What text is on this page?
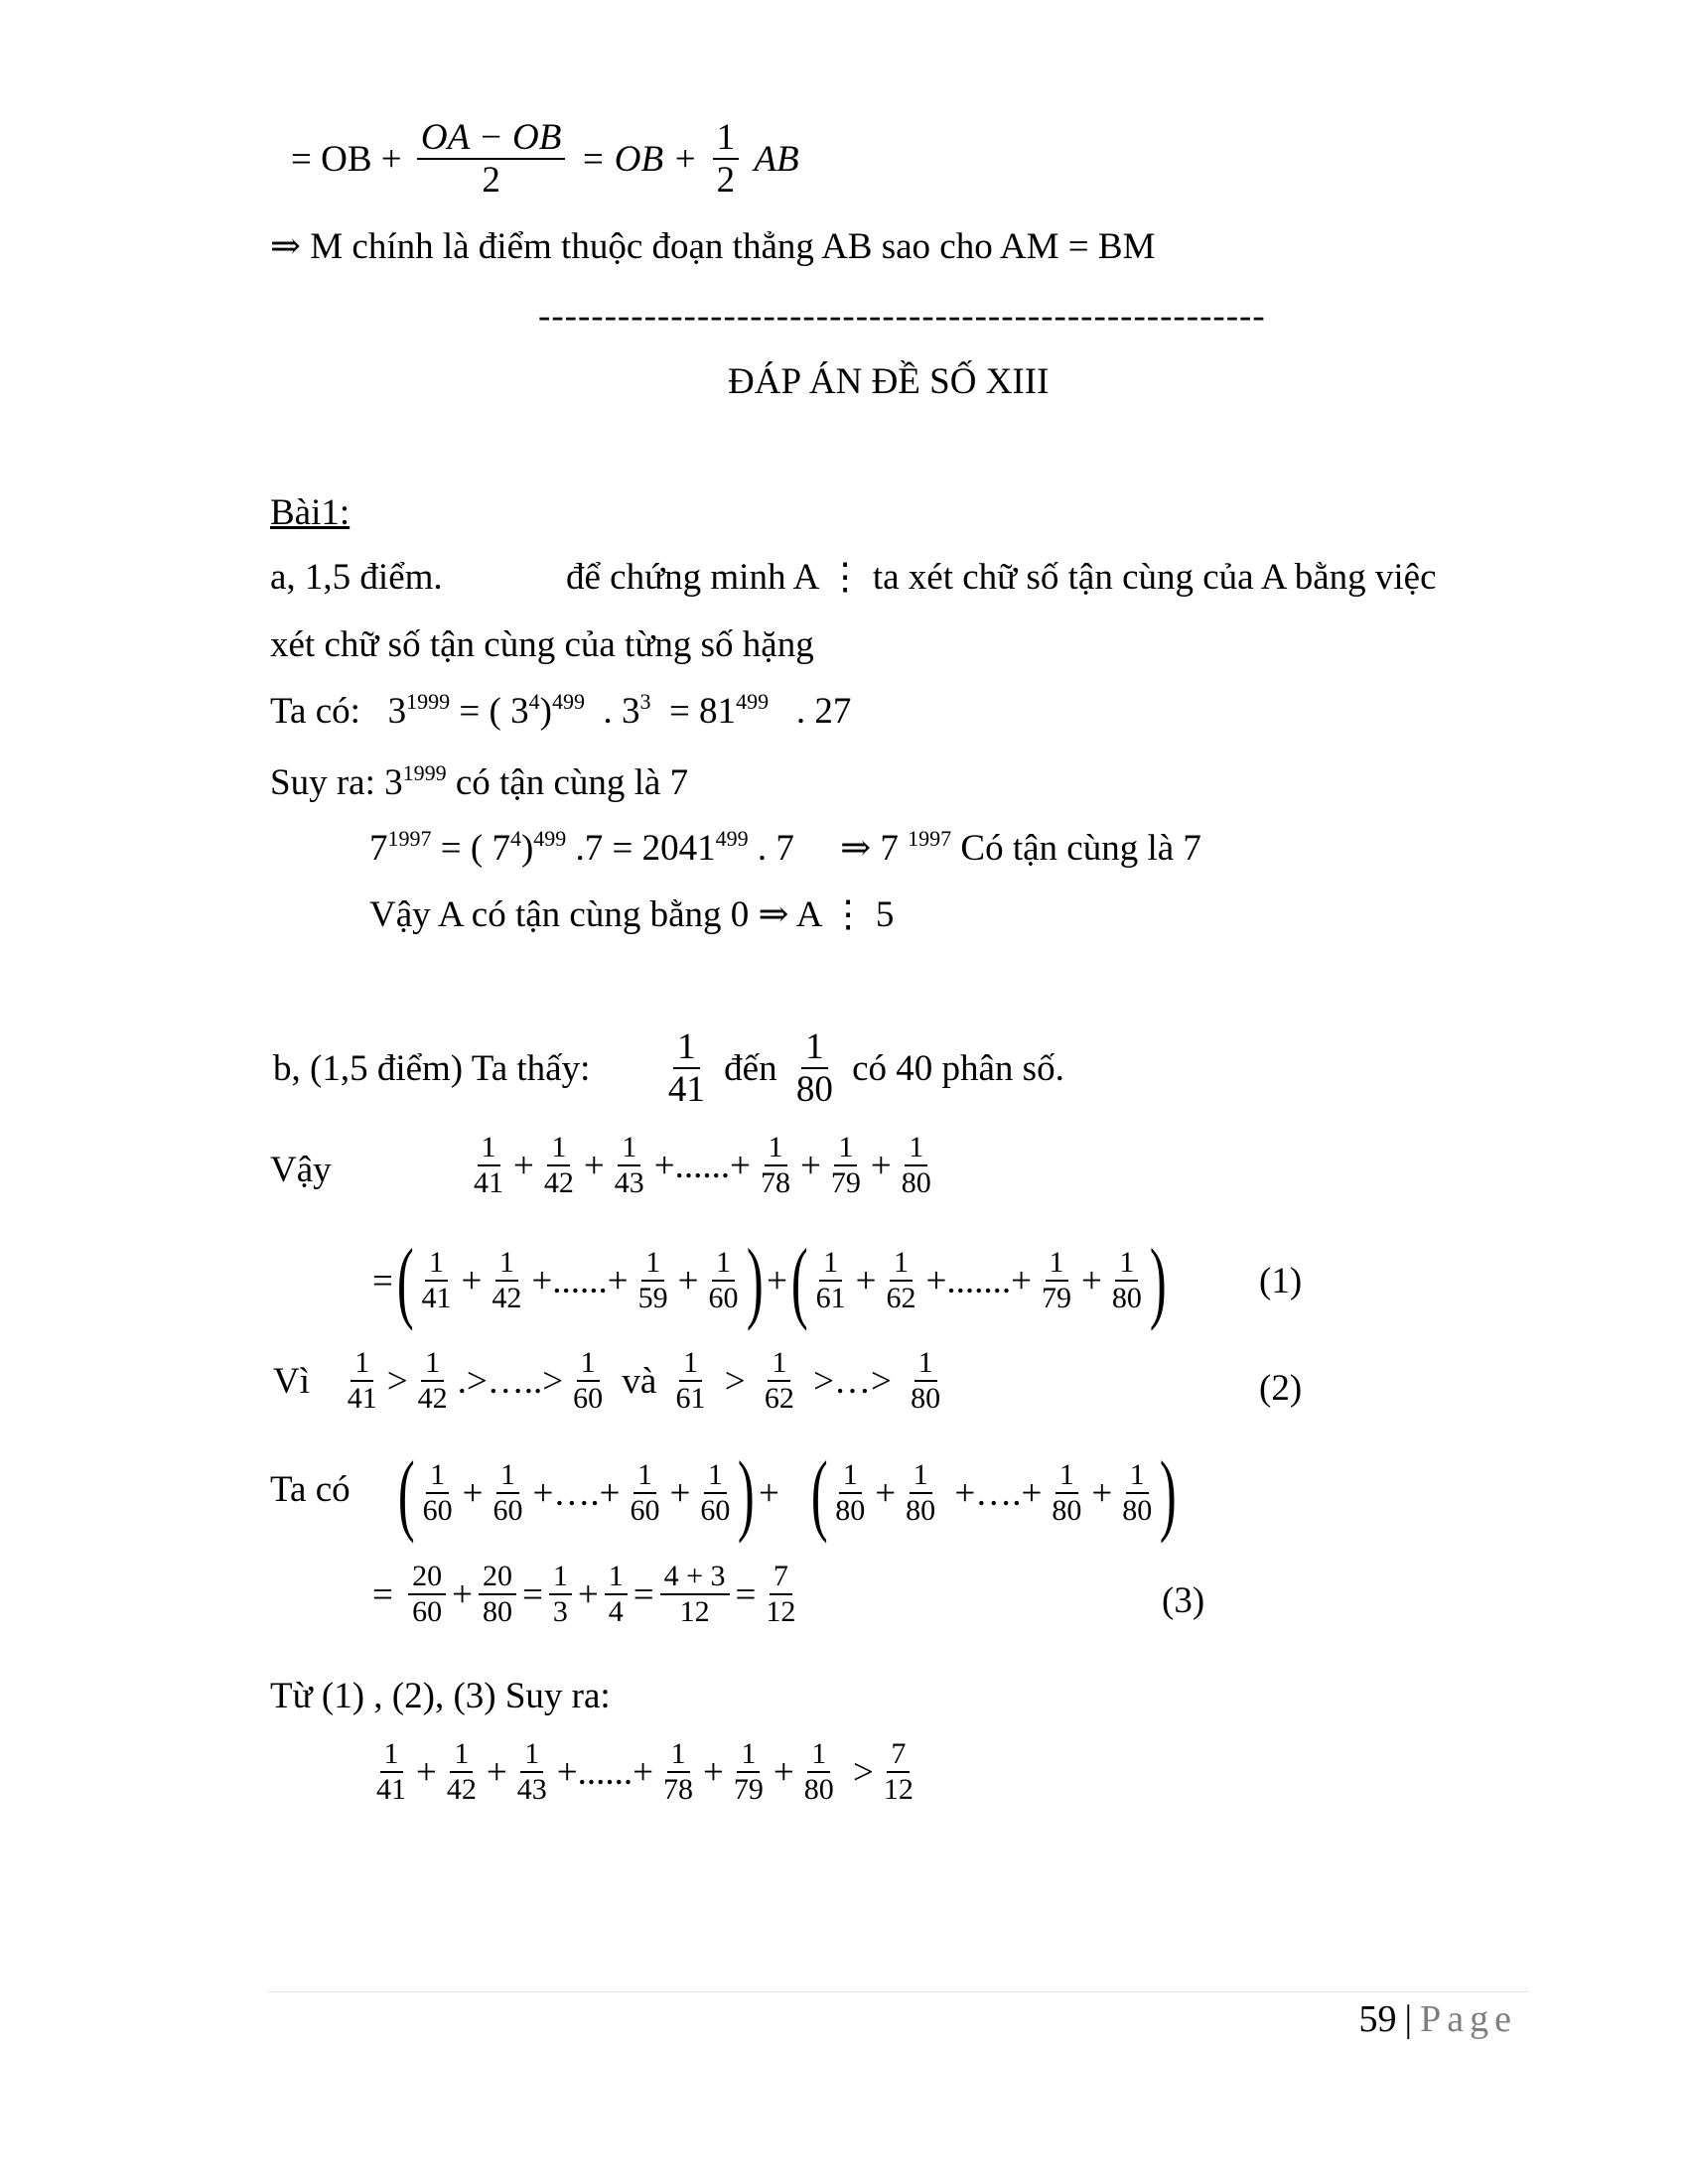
= OB + $\frac{OA - OB}{2}$ = OB + $\frac{1}{2}$ AB
⇒ M chính là điểm thuộc đoạn thẳng AB sao cho AM = BM
-------------------------------------------------------
ĐÁP ÁN ĐỀ SỐ XIII
Bài1:
a, 1,5 điểm.	để chứng minh A ⋮ ta xét chữ số tận cùng của A bằng việc
xét chữ số tận cùng của từng số hặng
Ta có: $3^{1999}$ = ( $3^4)^{499}$ . $3^3 = 81^{499}$ . 27
Suy ra: $3^{1999}$ có tận cùng là 7
$7^{1997}$ = ( $7^4)^{499}$ $.7 = 2041^{499}$ . 7 ⇒ 7 $^{1997}$ Có tận cùng là 7
Vậy A có tận cùng bằng 0 ⇒ A ⋮ 5
b, (1,5 điểm) Ta thấy: $\frac{1}{41}$ đến $\frac{1}{80}$ có 40 phân số.
Vậy	$\frac{1}{41} + \frac{1}{42} + \frac{1}{43}$ +......+ $\frac{1}{78} + \frac{1}{79} + \frac{1}{80}$
=( $\frac{1}{41} + \frac{1}{42}$ +......+ $\frac{1}{59} + \frac{1}{60}$ ) +( $\frac{1}{61} + \frac{1}{62}$ +.......+ $\frac{1}{79} + \frac{1}{80}$ )	(1)
Vì $\frac{1}{41} > \frac{1}{42}$ .>…..> $\frac{1}{60}$ và $\frac{1}{61} > \frac{1}{62}$ >…> $\frac{1}{80}$	(2)
Ta có ( $\frac{1}{60} + \frac{1}{60}$ +….+ $\frac{1}{60} + \frac{1}{60}$ ) + ( $\frac{1}{80} + \frac{1}{80}$ +….+ $\frac{1}{80} + \frac{1}{80}$ )
= $\frac{20}{60} + \frac{20}{80} = \frac{1}{3} + \frac{1}{4} = \frac{4 + 3}{12} = \frac{7}{12}$	(3)
Từ (1) , (2), (3) Suy ra:
$\frac{1}{41} + \frac{1}{42} + \frac{1}{43}$ +......+ $\frac{1}{78} + \frac{1}{79} + \frac{1}{80} > \frac{7}{12}$
59 | Page
